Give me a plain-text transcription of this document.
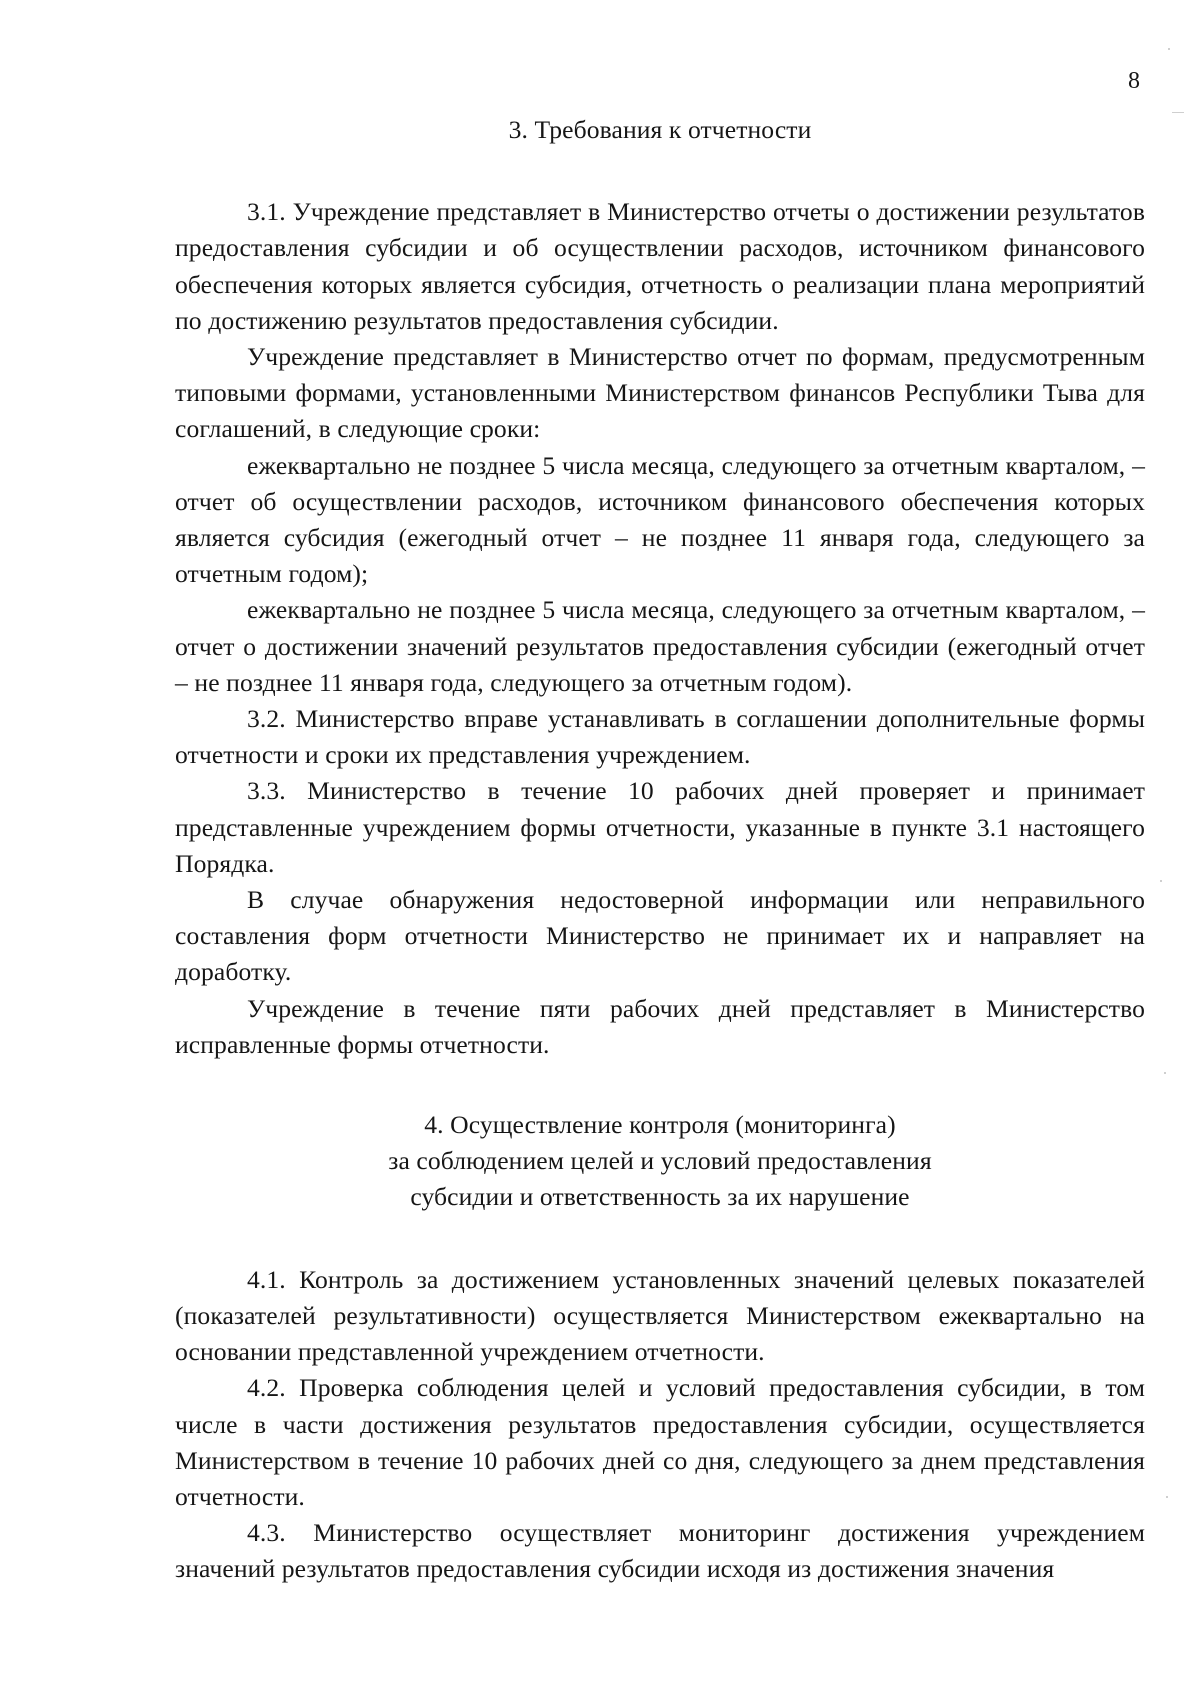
8
3. Требования к отчетности

3.1. Учреждение представляет в Министерство отчеты о достижении результатов предоставления субсидии и об осуществлении расходов, источником финансового обеспечения которых является субсидия, отчетность о реализации плана мероприятий по достижению результатов предоставления субсидии.

Учреждение представляет в Министерство отчет по формам, предусмотренным типовыми формами, установленными Министерством финансов Республики Тыва для соглашений, в следующие сроки:

ежеквартально не позднее 5 числа месяца, следующего за отчетным кварталом, – отчет об осуществлении расходов, источником финансового обеспечения которых является субсидия (ежегодный отчет – не позднее 11 января года, следующего за отчетным годом);

ежеквартально не позднее 5 числа месяца, следующего за отчетным кварталом, – отчет о достижении значений результатов предоставления субсидии (ежегодный отчет – не позднее 11 января года, следующего за отчетным годом).

3.2. Министерство вправе устанавливать в соглашении дополнительные формы отчетности и сроки их представления учреждением.

3.3. Министерство в течение 10 рабочих дней проверяет и принимает представленные учреждением формы отчетности, указанные в пункте 3.1 настоящего Порядка.

В случае обнаружения недостоверной информации или неправильного составления форм отчетности Министерство не принимает их и направляет на доработку.

Учреждение в течение пяти рабочих дней представляет в Министерство исправленные формы отчетности.

4. Осуществление контроля (мониторинга)
за соблюдением целей и условий предоставления
субсидии и ответственность за их нарушение

4.1. Контроль за достижением установленных значений целевых показателей (показателей результативности) осуществляется Министерством ежеквартально на основании представленной учреждением отчетности.

4.2. Проверка соблюдения целей и условий предоставления субсидии, в том числе в части достижения результатов предоставления субсидии, осуществляется Министерством в течение 10 рабочих дней со дня, следующего за днем представления отчетности.

4.3. Министерство осуществляет мониторинг достижения учреждением значений результатов предоставления субсидии исходя из достижения значения
